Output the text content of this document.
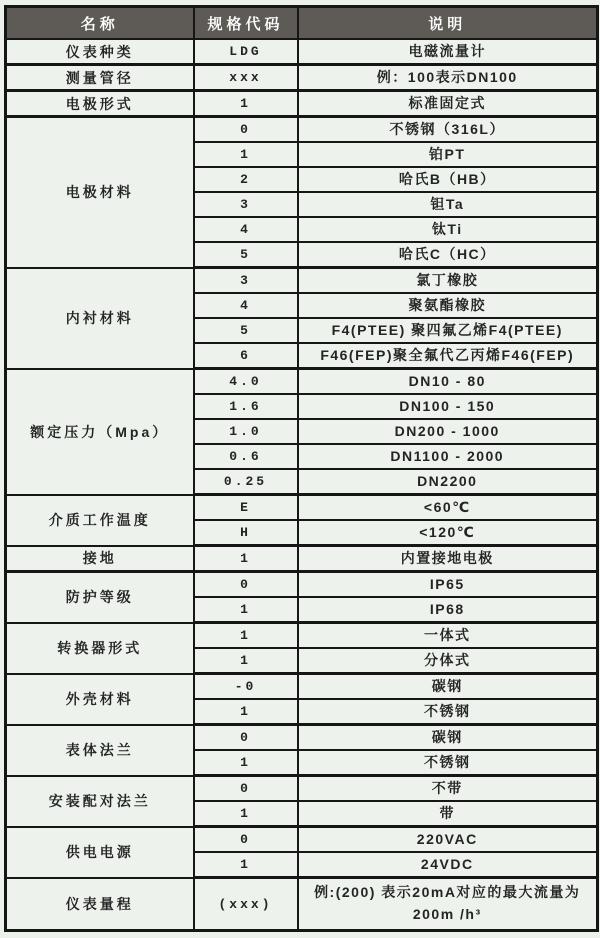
名称	规格代码	说明
仪表种类	LDG	电磁流量计
测量管径	xxx	例：100表示DN100
电极形式	1	标准固定式
电极材料	0	不锈钢（316L）
	1	铂PT
	2	哈氏B（HB）
	3	钽Ta
	4	钛Ti
	5	哈氏C（HC）
内衬材料	3	氯丁橡胶
	4	聚氨酯橡胶
	5	F4(PTEE) 聚四氟乙烯F4(PTEE)
	6	F46(FEP)聚全氟代乙丙烯F46(FEP)
额定压力（Mpa）	4.0	DN10 - 80
	1.6	DN100 - 150
	1.0	DN200 - 1000
	0.6	DN1100 - 2000
	0.25	DN2200
介质工作温度	E	<60℃
	H	<120℃
接地	1	内置接地电极
防护等级	0	IP65
	1	IP68
转换器形式	1	一体式
	1	分体式
外壳材料	-0	碳钢
	1	不锈钢
表体法兰	0	碳钢
	1	不锈钢
安装配对法兰	0	不带
	1	带
供电电源	0	220VAC
	1	24VDC
仪表量程	(xxx)	例:(200) 表示20mA对应的最大流量为200m /h³
